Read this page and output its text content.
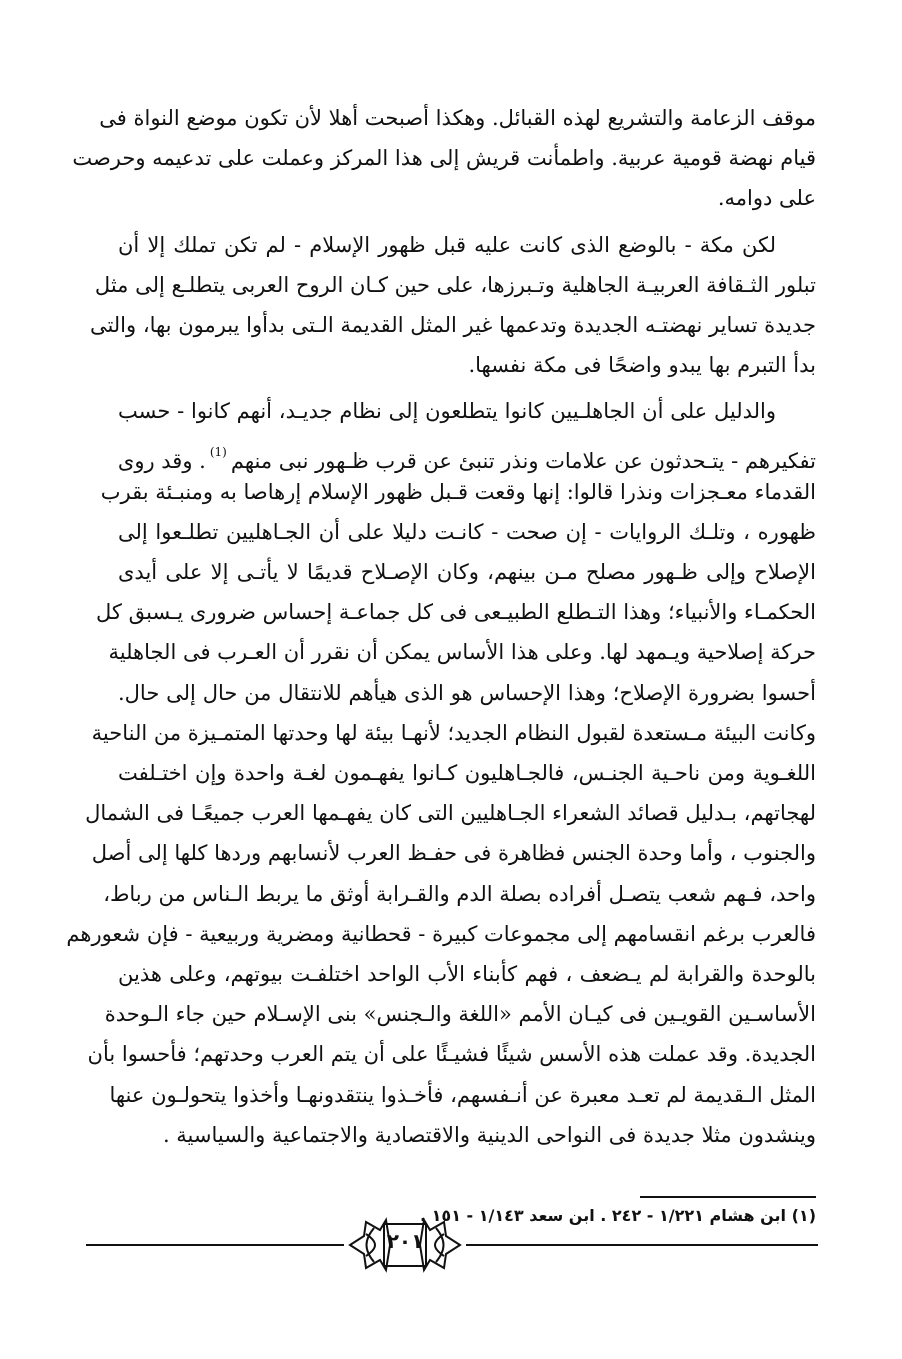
موقف الزعامة والتشريع لهذه القبائل. وهكذا أصبحت أهلا لأن تكون موضع النواة فى
قيام نهضة قومية عربية. واطمأنت قريش إلى هذا المركز وعملت على تدعيمه وحرصت
على دوامه.
لكن مكة - بالوضع الذى كانت عليه قبل ظهور الإسلام - لم تكن تملك إلا أن
تبلور الثـقافة العربيـة الجاهلية وتـبرزها، على حين كـان الروح العربى يتطلـع إلى مثل
جديدة تساير نهضتـه الجديدة وتدعمها غير المثل القديمة الـتى بدأوا يبرمون بها، والتى
بدأ التبرم بها يبدو واضحًا فى مكة نفسها.
والدليل على أن الجاهلـيين كانوا يتطلعون إلى نظام جديـد، أنهم كانوا - حسب
تفكيرهم - يتـحدثون عن علامات ونذر تنبئ عن قرب ظـهور نبى منهم$^{(1)}$. وقد روى
القدماء معـجزات ونذرا قالوا: إنها وقعت قـبل ظهور الإسلام إرهاصا به ومنبـئة بقرب
ظهوره ، وتلـك الروايات - إن صحت - كانـت دليلا على أن الجـاهليين تطلـعوا إلى
الإصلاح وإلى ظـهور مصلح مـن بينهم، وكان الإصـلاح قديمًا لا يأتـى إلا على أيدى
الحكمـاء والأنبياء؛ وهذا التـطلع الطبيـعى فى كل جماعـة إحساس ضرورى يـسبق كل
حركة إصلاحية ويـمهد لها. وعلى هذا الأساس يمكن أن نقرر أن العـرب فى الجاهلية
أحسوا بضرورة الإصلاح؛ وهذا الإحساس هو الذى هيأهم للانتقال من حال إلى حال.
وكانت البيئة مـستعدة لقبول النظام الجديد؛ لأنهـا بيئة لها وحدتها المتمـيزة من الناحية
اللغـوية ومن ناحـية الجنـس، فالجـاهليون كـانوا يفهـمون لغـة واحدة وإن اختـلفت
لهجاتهم، بـدليل قصائد الشعراء الجـاهليين التى كان يفهـمها العرب جميعًـا فى الشمال
والجنوب ، وأما وحدة الجنس فظاهرة فى حفـظ العرب لأنسابهم وردها كلها إلى أصل
واحد، فـهم شعب يتصـل أفراده بصلة الدم والقـرابة أوثق ما يربط الـناس من رباط،
فالعرب برغم انقسامهم إلى مجموعات كبيرة - قحطانية ومضرية وربيعية - فإن شعورهم
بالوحدة والقرابة لم يـضعف ، فهم كأبناء الأب الواحد اختلفـت بيوتهم، وعلى هذين
الأساسـين القويـين فى كيـان الأمم «اللغة والـجنس» بنى الإسـلام حين جاء الـوحدة
الجديدة. وقد عملت هذه الأسس شيئًا فشيـئًا على أن يتم العرب وحدتهم؛ فأحسوا بأن
المثل الـقديمة لم تعـد معبرة عن أنـفسهم، فأخـذوا ينتقدونهـا وأخذوا يتحولـون عنها
وينشدون مثلا جديدة فى النواحى الدينية والاقتصادية والاجتماعية والسياسية .
(١) ابن هشام ١/٢٢١ - ٢٤٢ . ابن سعد ١/١٤٣ - ١٥١ .
٢٠١
